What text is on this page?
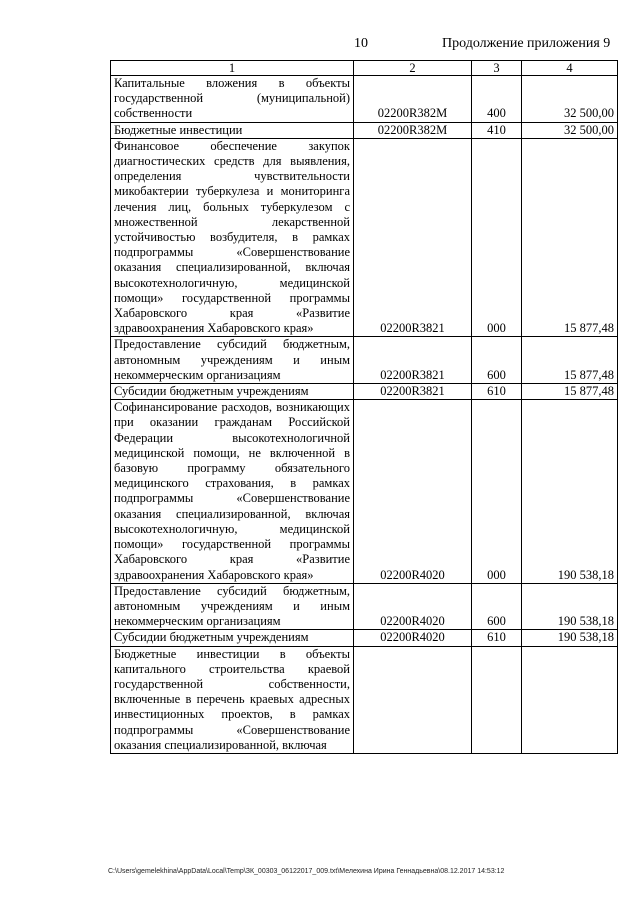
10	Продолжение приложения 9
1	2	3	4
Капитальные вложения в объекты государственной (муниципальной) собственности	02200R382M	400	32 500,00
Бюджетные инвестиции	02200R382M	410	32 500,00
Финансовое обеспечение закупок диагностических средств для выявления, определения чувствительности микобактерии туберкулеза и мониторинга лечения лиц, больных туберкулезом с множественной лекарственной устойчивостью возбудителя, в рамках подпрограммы «Совершенствование оказания специализированной, включая высокотехнологичную, медицинской помощи» государственной программы Хабаровского края «Развитие здравоохранения Хабаровского края»	02200R3821	000	15 877,48
Предоставление субсидий бюджетным, автономным учреждениям и иным некоммерческим организациям	02200R3821	600	15 877,48
Субсидии бюджетным учреждениям	02200R3821	610	15 877,48
Софинансирование расходов, возникающих при оказании гражданам Российской Федерации высокотехнологичной медицинской помощи, не включенной в базовую программу обязательного медицинского страхования, в рамках подпрограммы «Совершенствование оказания специализированной, включая высокотехнологичную, медицинской помощи» государственной программы Хабаровского края «Развитие здравоохранения Хабаровского края»	02200R4020	000	190 538,18
Предоставление субсидий бюджетным, автономным учреждениям и иным некоммерческим организациям	02200R4020	600	190 538,18
Субсидии бюджетным учреждениям	02200R4020	610	190 538,18
Бюджетные инвестиции в объекты капитального строительства краевой государственной собственности, включенные в перечень краевых адресных инвестиционных проектов, в рамках подпрограммы «Совершенствование оказания специализированной, включая			
C:\Users\gemelekhina\AppData\Local\Temp\ЗК_00303_06122017_009.txt\Мелехина Ирина Геннадьевна\08.12.2017 14:53:12
